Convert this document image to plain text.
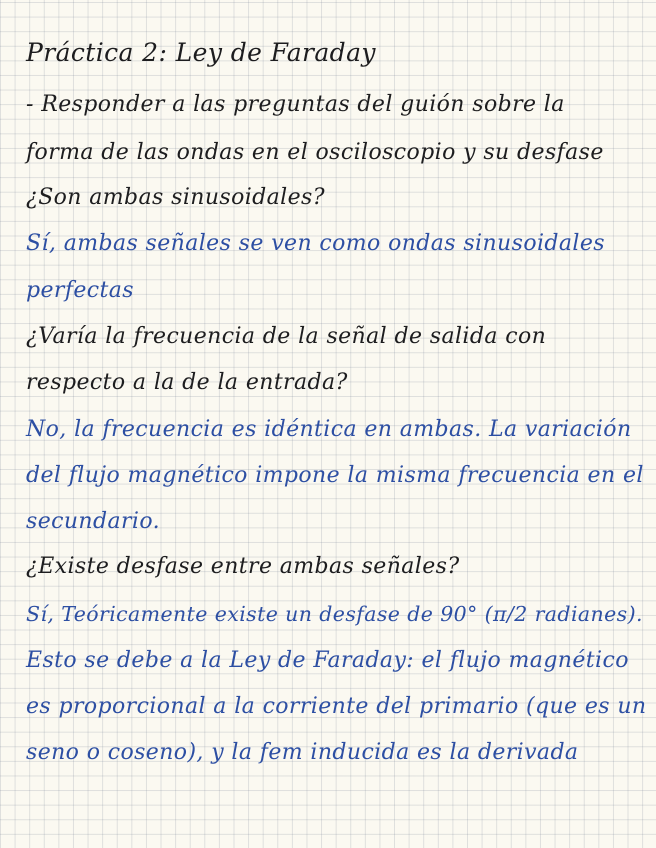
Práctica 2: Ley de Faraday
- Responder a las preguntas del guión sobre la
forma de las ondas en el osciloscopio y su desfase
¿Son ambas sinusoidales?
Sí, ambas señales se ven como ondas sinusoidales
perfectas
¿Varía la frecuencia de la señal de salida con
respecto a la de la entrada?
No, la frecuencia es idéntica en ambas. La variación
del flujo magnético impone la misma frecuencia en el
secundario.
¿Existe desfase entre ambas señales?
Sí, Teóricamente existe un desfase de 90° (π/2 radianes).
Esto se debe a la Ley de Faraday: el flujo magnético
es proporcional a la corriente del primario (que es un
seno o coseno), y la fem inducida es la derivada
